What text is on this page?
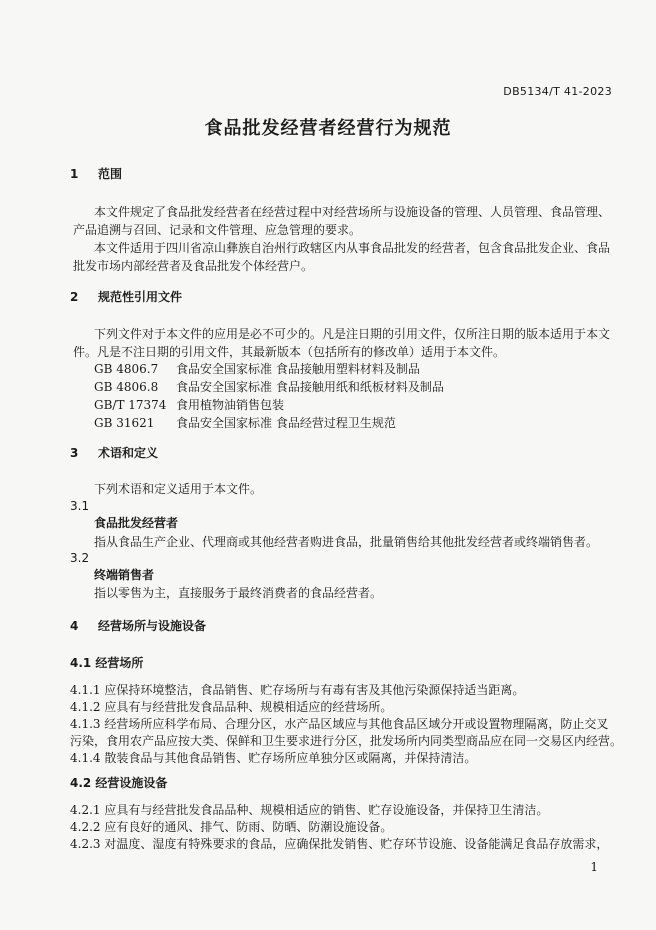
DB5134/T 41-2023
食品批发经营者经营行为规范
1 范围
本文件规定了食品批发经营者在经营过程中对经营场所与设施设备的管理、人员管理、食品管理、
产品追溯与召回、记录和文件管理、应急管理的要求。
本文件适用于四川省凉山彝族自治州行政辖区内从事食品批发的经营者，包含食品批发企业、食品
批发市场内部经营者及食品批发个体经营户。
2 规范性引用文件
下列文件对于本文件的应用是必不可少的。凡是注日期的引用文件，仅所注日期的版本适用于本文
件。凡是不注日期的引用文件，其最新版本（包括所有的修改单）适用于本文件。
GB 4806.7 食品安全国家标准 食品接触用塑料材料及制品
GB 4806.8 食品安全国家标准 食品接触用纸和纸板材料及制品
GB/T 17374 食用植物油销售包装
GB 31621 食品安全国家标准 食品经营过程卫生规范
3 术语和定义
下列术语和定义适用于本文件。
3.1
食品批发经营者
指从食品生产企业、代理商或其他经营者购进食品，批量销售给其他批发经营者或终端销售者。
3.2
终端销售者
指以零售为主，直接服务于最终消费者的食品经营者。
4 经营场所与设施设备
4.1 经营场所
4.1.1 应保持环境整洁，食品销售、贮存场所与有毒有害及其他污染源保持适当距离。
4.1.2 应具有与经营批发食品品种、规模相适应的经营场所。
4.1.3 经营场所应科学布局、合理分区，水产品区域应与其他食品区域分开或设置物理隔离，防止交叉
污染，食用农产品应按大类、保鲜和卫生要求进行分区，批发场所内同类型商品应在同一交易区内经营。
4.1.4 散装食品与其他食品销售、贮存场所应单独分区或隔离，并保持清洁。
4.2 经营设施设备
4.2.1 应具有与经营批发食品品种、规模相适应的销售、贮存设施设备，并保持卫生清洁。
4.2.2 应有良好的通风、排气、防雨、防晒、防潮设施设备。
4.2.3 对温度、湿度有特殊要求的食品，应确保批发销售、贮存环节设施、设备能满足食品存放需求，
1
